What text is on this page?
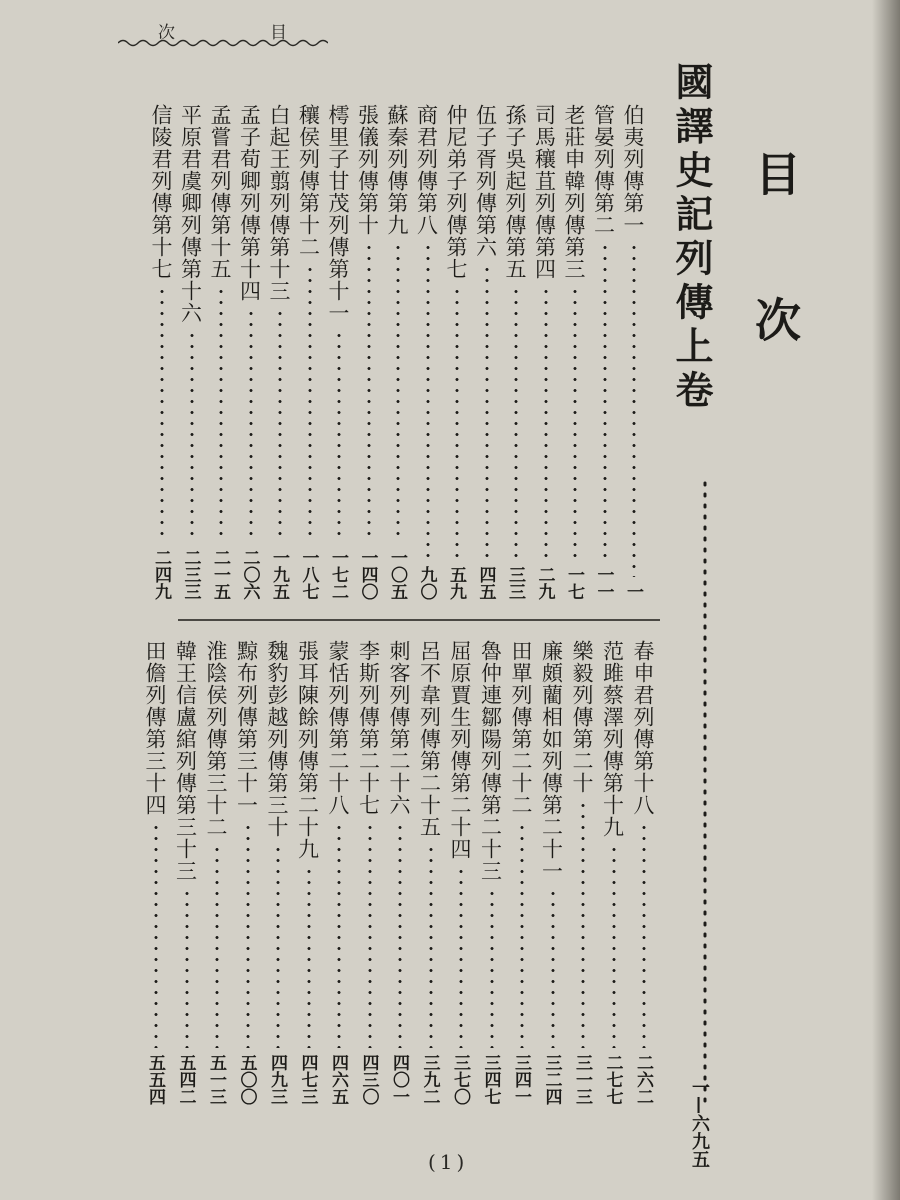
次	目
目次
國譯史記列傳上卷
一—六九五
伯夷列傳第一
一
管晏列傳第二
一一
老莊申韓列傳第三
一七
司馬穰苴列傳第四
二九
孫子吳起列傳第五
三三
伍子胥列傳第六
四五
仲尼弟子列傳第七
五九
商君列傳第八
九〇
蘇秦列傳第九
一〇五
張儀列傳第十
一四〇
樗里子甘茂列傳第十一
一七二
穰侯列傳第十二
一八七
白起王翦列傳第十三
一九五
孟子荀卿列傳第十四
二〇六
孟嘗君列傳第十五
二一五
平原君虞卿列傳第十六
二三三
信陵君列傳第十七
二四九
春申君列傳第十八
二六二
范雎蔡澤列傳第十九
二七七
樂毅列傳第二十
三一三
廉頗藺相如列傳第二十一
三二四
田單列傳第二十二
三四一
魯仲連鄒陽列傳第二十三
三四七
屈原賈生列傳第二十四
三七〇
呂不韋列傳第二十五
三九二
刺客列傳第二十六
四〇一
李斯列傳第二十七
四三〇
蒙恬列傳第二十八
四六五
張耳陳餘列傳第二十九
四七三
魏豹彭越列傳第三十
四九三
黥布列傳第三十一
五〇〇
淮陰侯列傳第三十二
五一三
韓王信盧綰列傳第三十三
五四二
田儋列傳第三十四
五五四
(1)
